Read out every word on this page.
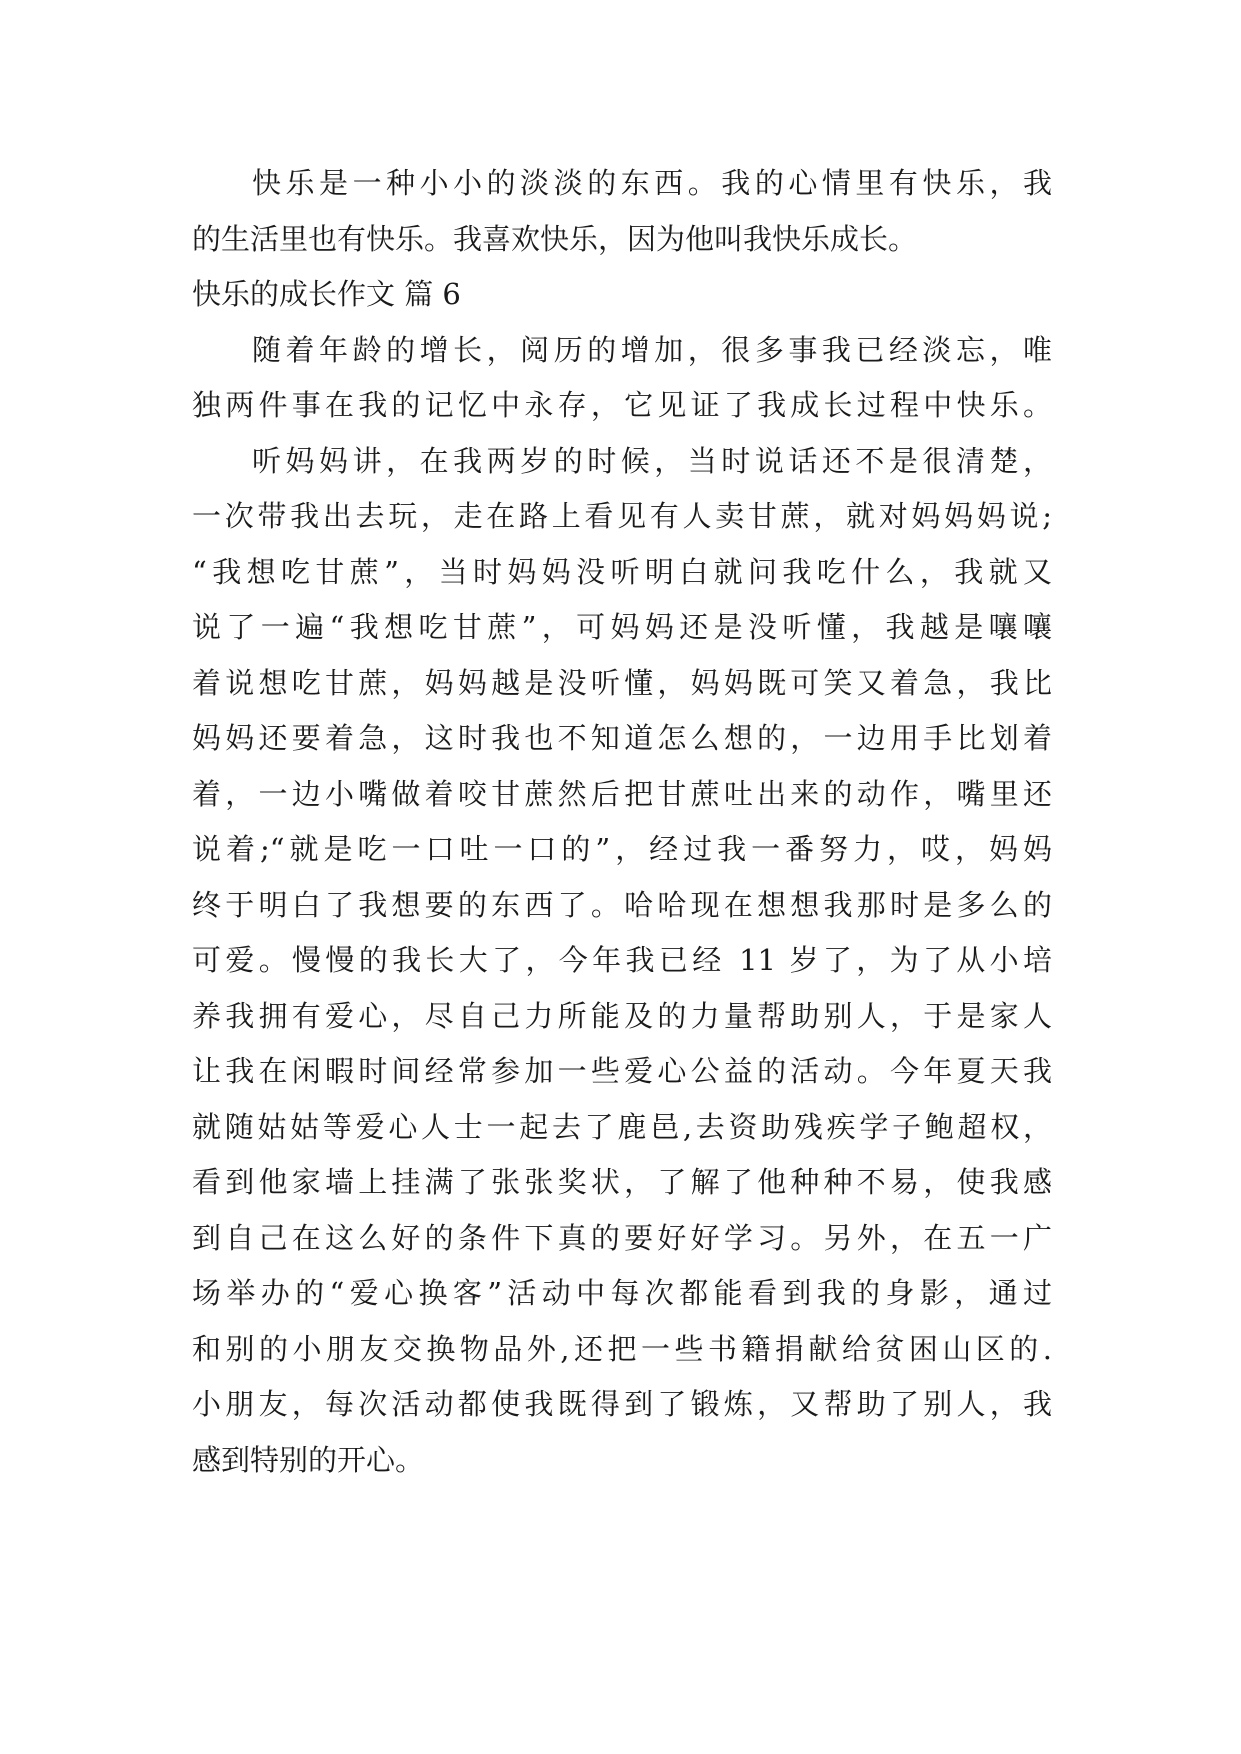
快乐是一种小小的淡淡的东西。我的心情里有快乐，我
的生活里也有快乐。我喜欢快乐，因为他叫我快乐成长。
快乐的成长作文 篇 6
随着年龄的增长，阅历的增加，很多事我已经淡忘，唯
独两件事在我的记忆中永存，它见证了我成长过程中快乐。
听妈妈讲，在我两岁的时候，当时说话还不是很清楚，
一次带我出去玩，走在路上看见有人卖甘蔗，就对妈妈妈说;
“我想吃甘蔗”，当时妈妈没听明白就问我吃什么，我就又
说了一遍“我想吃甘蔗”，可妈妈还是没听懂，我越是嚷嚷
着说想吃甘蔗，妈妈越是没听懂，妈妈既可笑又着急，我比
妈妈还要着急，这时我也不知道怎么想的，一边用手比划着
着，一边小嘴做着咬甘蔗然后把甘蔗吐出来的动作，嘴里还
说着;“就是吃一口吐一口的”，经过我一番努力，哎，妈妈
终于明白了我想要的东西了。哈哈现在想想我那时是多么的
可爱。慢慢的我长大了，今年我已经 11 岁了，为了从小培
养我拥有爱心，尽自己力所能及的力量帮助别人，于是家人
让我在闲暇时间经常参加一些爱心公益的活动。今年夏天我
就随姑姑等爱心人士一起去了鹿邑,去资助残疾学子鲍超权，
看到他家墙上挂满了张张奖状，了解了他种种不易，使我感
到自己在这么好的条件下真的要好好学习。另外，在五一广
场举办的“爱心换客”活动中每次都能看到我的身影，通过
和别的小朋友交换物品外,还把一些书籍捐献给贫困山区的.
小朋友，每次活动都使我既得到了锻炼，又帮助了别人，我
感到特别的开心。
